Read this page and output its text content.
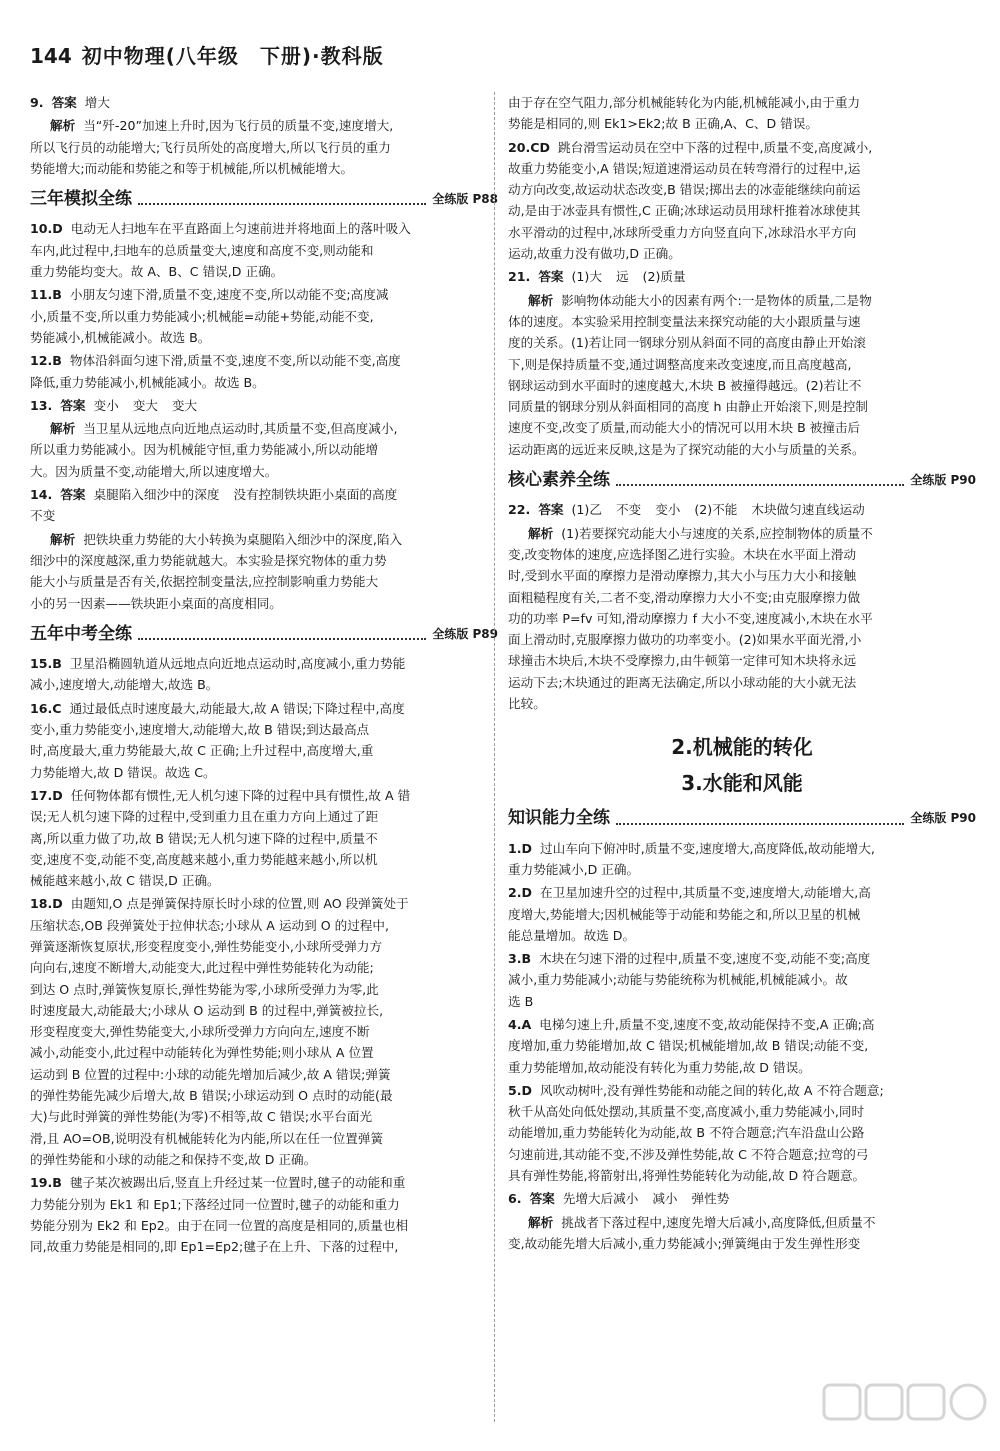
144 初中物理(八年级　下册)·教科版
9. 答案 增大
解析 当“歼-20”加速上升时,因为飞行员的质量不变,速度增大,
所以飞行员的动能增大;飞行员所处的高度增大,所以飞行员的重力
势能增大;而动能和势能之和等于机械能,所以机械能增大。
三年模拟全练	全练版 P88
10.D 电动无人扫地车在平直路面上匀速前进并将地面上的落叶吸入
车内,此过程中,扫地车的总质量变大,速度和高度不变,则动能和
重力势能均变大。故 A、B、C 错误,D 正确。
11.B 小朋友匀速下滑,质量不变,速度不变,所以动能不变;高度减
小,质量不变,所以重力势能减小;机械能=动能+势能,动能不变,
势能减小,机械能减小。故选 B。
12.B 物体沿斜面匀速下滑,质量不变,速度不变,所以动能不变,高度
降低,重力势能减小,机械能减小。故选 B。
13. 答案 变小 变大 变大
解析 当卫星从远地点向近地点运动时,其质量不变,但高度减小,
所以重力势能减小。因为机械能守恒,重力势能减小,所以动能增
大。因为质量不变,动能增大,所以速度增大。
14. 答案 桌腿陷入细沙中的深度 没有控制铁块距小桌面的高度
不变
解析 把铁块重力势能的大小转换为桌腿陷入细沙中的深度,陷入
细沙中的深度越深,重力势能就越大。本实验是探究物体的重力势
能大小与质量是否有关,依据控制变量法,应控制影响重力势能大
小的另一因素——铁块距小桌面的高度相同。
五年中考全练	全练版 P89
15.B 卫星沿椭圆轨道从远地点向近地点运动时,高度减小,重力势能
减小,速度增大,动能增大,故选 B。
16.C 通过最低点时速度最大,动能最大,故 A 错误;下降过程中,高度
变小,重力势能变小,速度增大,动能增大,故 B 错误;到达最高点
时,高度最大,重力势能最大,故 C 正确;上升过程中,高度增大,重
力势能增大,故 D 错误。故选 C。
17.D 任何物体都有惯性,无人机匀速下降的过程中具有惯性,故 A 错
误;无人机匀速下降的过程中,受到重力且在重力方向上通过了距
离,所以重力做了功,故 B 错误;无人机匀速下降的过程中,质量不
变,速度不变,动能不变,高度越来越小,重力势能越来越小,所以机
械能越来越小,故 C 错误,D 正确。
18.D 由题知,O 点是弹簧保持原长时小球的位置,则 AO 段弹簧处于
压缩状态,OB 段弹簧处于拉伸状态;小球从 A 运动到 O 的过程中,
弹簧逐渐恢复原状,形变程度变小,弹性势能变小,小球所受弹力方
向向右,速度不断增大,动能变大,此过程中弹性势能转化为动能;
到达 O 点时,弹簧恢复原长,弹性势能为零,小球所受弹力为零,此
时速度最大,动能最大;小球从 O 运动到 B 的过程中,弹簧被拉长,
形变程度变大,弹性势能变大,小球所受弹力方向向左,速度不断
减小,动能变小,此过程中动能转化为弹性势能;则小球从 A 位置
运动到 B 位置的过程中:小球的动能先增加后减少,故 A 错误;弹簧
的弹性势能先减少后增大,故 B 错误;小球运动到 O 点时的动能(最
大)与此时弹簧的弹性势能(为零)不相等,故 C 错误;水平台面光
滑,且 AO=OB,说明没有机械能转化为内能,所以在任一位置弹簧
的弹性势能和小球的动能之和保持不变,故 D 正确。
19.B 毽子某次被踢出后,竖直上升经过某一位置时,毽子的动能和重
力势能分别为 Ek1 和 Ep1;下落经过同一位置时,毽子的动能和重力
势能分别为 Ek2 和 Ep2。由于在同一位置的高度是相同的,质量也相
同,故重力势能是相同的,即 Ep1=Ep2;毽子在上升、下落的过程中,
由于存在空气阻力,部分机械能转化为内能,机械能减小,由于重力
势能是相同的,则 Ek1>Ek2;故 B 正确,A、C、D 错误。
20.CD 跳台滑雪运动员在空中下落的过程中,质量不变,高度减小,
故重力势能变小,A 错误;短道速滑运动员在转弯滑行的过程中,运
动方向改变,故运动状态改变,B 错误;掷出去的冰壶能继续向前运
动,是由于冰壶具有惯性,C 正确;冰球运动员用球杆推着冰球使其
水平滑动的过程中,冰球所受重力方向竖直向下,冰球沿水平方向
运动,故重力没有做功,D 正确。
21. 答案 (1)大 远 (2)质量
解析 影响物体动能大小的因素有两个:一是物体的质量,二是物
体的速度。本实验采用控制变量法来探究动能的大小跟质量与速
度的关系。(1)若让同一钢球分别从斜面不同的高度由静止开始滚
下,则是保持质量不变,通过调整高度来改变速度,而且高度越高,
钢球运动到水平面时的速度越大,木块 B 被撞得越远。(2)若让不
同质量的钢球分别从斜面相同的高度 h 由静止开始滚下,则是控制
速度不变,改变了质量,而动能大小的情况可以用木块 B 被撞击后
运动距离的远近来反映,这是为了探究动能的大小与质量的关系。
核心素养全练	全练版 P90
22. 答案 (1)乙 不变 变小 (2)不能 木块做匀速直线运动
解析 (1)若要探究动能大小与速度的关系,应控制物体的质量不
变,改变物体的速度,应选择图乙进行实验。木块在水平面上滑动
时,受到水平面的摩擦力是滑动摩擦力,其大小与压力大小和接触
面粗糙程度有关,二者不变,滑动摩擦力大小不变;由克服摩擦力做
功的功率 P=fv 可知,滑动摩擦力 f 大小不变,速度减小,木块在水平
面上滑动时,克服摩擦力做功的功率变小。(2)如果水平面光滑,小
球撞击木块后,木块不受摩擦力,由牛顿第一定律可知木块将永远
运动下去;木块通过的距离无法确定,所以小球动能的大小就无法
比较。
2.机械能的转化
3.水能和风能
知识能力全练	全练版 P90
1.D 过山车向下俯冲时,质量不变,速度增大,高度降低,故动能增大,
重力势能减小,D 正确。
2.D 在卫星加速升空的过程中,其质量不变,速度增大,动能增大,高
度增大,势能增大;因机械能等于动能和势能之和,所以卫星的机械
能总量增加。故选 D。
3.B 木块在匀速下滑的过程中,质量不变,速度不变,动能不变;高度
减小,重力势能减小;动能与势能统称为机械能,机械能减小。故
选 B
4.A 电梯匀速上升,质量不变,速度不变,故动能保持不变,A 正确;高
度增加,重力势能增加,故 C 错误;机械能增加,故 B 错误;动能不变,
重力势能增加,故动能没有转化为重力势能,故 D 错误。
5.D 风吹动树叶,没有弹性势能和动能之间的转化,故 A 不符合题意;
秋千从高处向低处摆动,其质量不变,高度减小,重力势能减小,同时
动能增加,重力势能转化为动能,故 B 不符合题意;汽车沿盘山公路
匀速前进,其动能不变,不涉及弹性势能,故 C 不符合题意;拉弯的弓
具有弹性势能,将箭射出,将弹性势能转化为动能,故 D 符合题意。
6. 答案 先增大后减小 减小 弹性势
解析 挑战者下落过程中,速度先增大后减小,高度降低,但质量不
变,故动能先增大后减小,重力势能减小;弹簧绳由于发生弹性形变
